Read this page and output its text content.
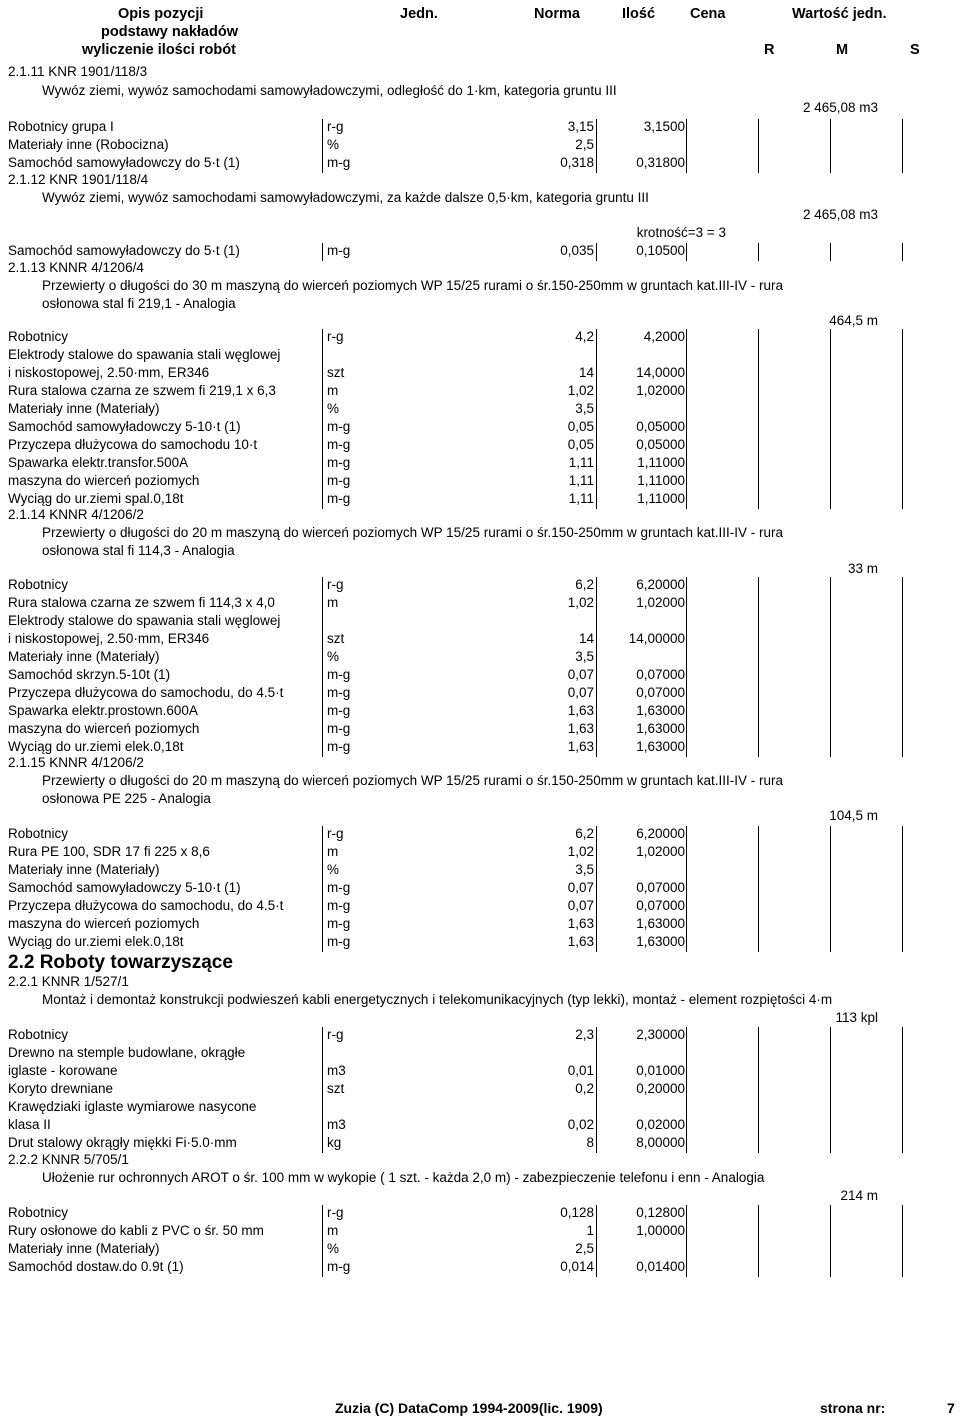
Opis pozycji
podstawy nakładów
wyliczenie ilości robót
Jedn.	Norma	Ilość Cena	Wartość jedn.
R	M	S
2.1.11 KNR 1901/118/3
Wywóz ziemi, wywóz samochodami samowyładowczymi, odległość do 1·km, kategoria gruntu III
2 465,08 m3
Robotnicy grupa I	r-g	3,15	3,1500
Materiały inne (Robocizna)	%	2,5
Samochód samowyładowczy do 5·t (1)	m-g	0,318	0,31800
2.1.12 KNR 1901/118/4
Wywóz ziemi, wywóz samochodami samowyładowczymi, za każde dalsze 0,5·km, kategoria gruntu III
2 465,08 m3
krotność=3 = 3
Samochód samowyładowczy do 5·t (1)	m-g	0,035	0,10500
2.1.13 KNNR 4/1206/4
Przewierty o długości do 30 m maszyną do wierceń poziomych WP 15/25 rurami o śr.150-250mm w gruntach kat.III-IV - rura
osłonowa stal fi 219,1 - Analogia
464,5 m
Robotnicy	r-g	4,2	4,2000
Elektrody stalowe do spawania stali węglowej
i niskostopowej, 2.50·mm, ER346	szt	14	14,0000
Rura stalowa czarna ze szwem fi 219,1 x 6,3	m	1,02	1,02000
Materiały inne (Materiały)	%	3,5
Samochód samowyładowczy 5-10·t (1)	m-g	0,05	0,05000
Przyczepa dłużycowa do samochodu 10·t	m-g	0,05	0,05000
Spawarka elektr.transfor.500A	m-g	1,11	1,11000
maszyna do wierceń poziomych	m-g	1,11	1,11000
Wyciąg do ur.ziemi spal.0,18t	m-g	1,11	1,11000
2.1.14 KNNR 4/1206/2
Przewierty o długości do 20 m maszyną do wierceń poziomych WP 15/25 rurami o śr.150-250mm w gruntach kat.III-IV - rura
osłonowa stal fi 114,3 - Analogia
33 m
Robotnicy	r-g	6,2	6,20000
Rura stalowa czarna ze szwem fi 114,3 x 4,0	m	1,02	1,02000
Elektrody stalowe do spawania stali węglowej
i niskostopowej, 2.50·mm, ER346	szt	14	14,00000
Materiały inne (Materiały)	%	3,5
Samochód skrzyn.5-10t (1)	m-g	0,07	0,07000
Przyczepa dłużycowa do samochodu, do 4.5·t	m-g	0,07	0,07000
Spawarka elektr.prostown.600A	m-g	1,63	1,63000
maszyna do wierceń poziomych	m-g	1,63	1,63000
Wyciąg do ur.ziemi elek.0,18t	m-g	1,63	1,63000
2.1.15 KNNR 4/1206/2
Przewierty o długości do 20 m maszyną do wierceń poziomych WP 15/25 rurami o śr.150-250mm w gruntach kat.III-IV - rura
osłonowa PE 225 - Analogia
104,5 m
Robotnicy	r-g	6,2	6,20000
Rura PE 100, SDR 17 fi 225 x 8,6	m	1,02	1,02000
Materiały inne (Materiały)	%	3,5
Samochód samowyładowczy 5-10·t (1)	m-g	0,07	0,07000
Przyczepa dłużycowa do samochodu, do 4.5·t	m-g	0,07	0,07000
maszyna do wierceń poziomych	m-g	1,63	1,63000
Wyciąg do ur.ziemi elek.0,18t	m-g	1,63	1,63000
2.2 Roboty towarzyszące
2.2.1 KNNR 1/527/1
Montaż i demontaż konstrukcji podwieszeń kabli energetycznych i telekomunikacyjnych (typ lekki), montaż - element rozpiętości 4·m
113 kpl
Robotnicy	r-g	2,3	2,30000
Drewno na stemple budowlane, okrągłe
iglaste - korowane	m3	0,01	0,01000
Koryto drewniane	szt	0,2	0,20000
Krawędziaki iglaste wymiarowe nasycone
klasa II	m3	0,02	0,02000
Drut stalowy okrągły miękki Fi·5.0·mm	kg	8	8,00000
2.2.2 KNNR 5/705/1
Ułożenie rur ochronnych AROT o śr. 100 mm w wykopie ( 1 szt. - każda 2,0 m) - zabezpieczenie telefonu i enn - Analogia
214 m
Robotnicy	r-g	0,128	0,12800
Rury osłonowe do kabli z PVC o śr. 50 mm	m	1	1,00000
Materiały inne (Materiały)	%	2,5
Samochód dostaw.do 0.9t (1)	m-g	0,014	0,01400
Zuzia (C) DataComp 1994-2009(lic. 1909)	strona nr:	7
